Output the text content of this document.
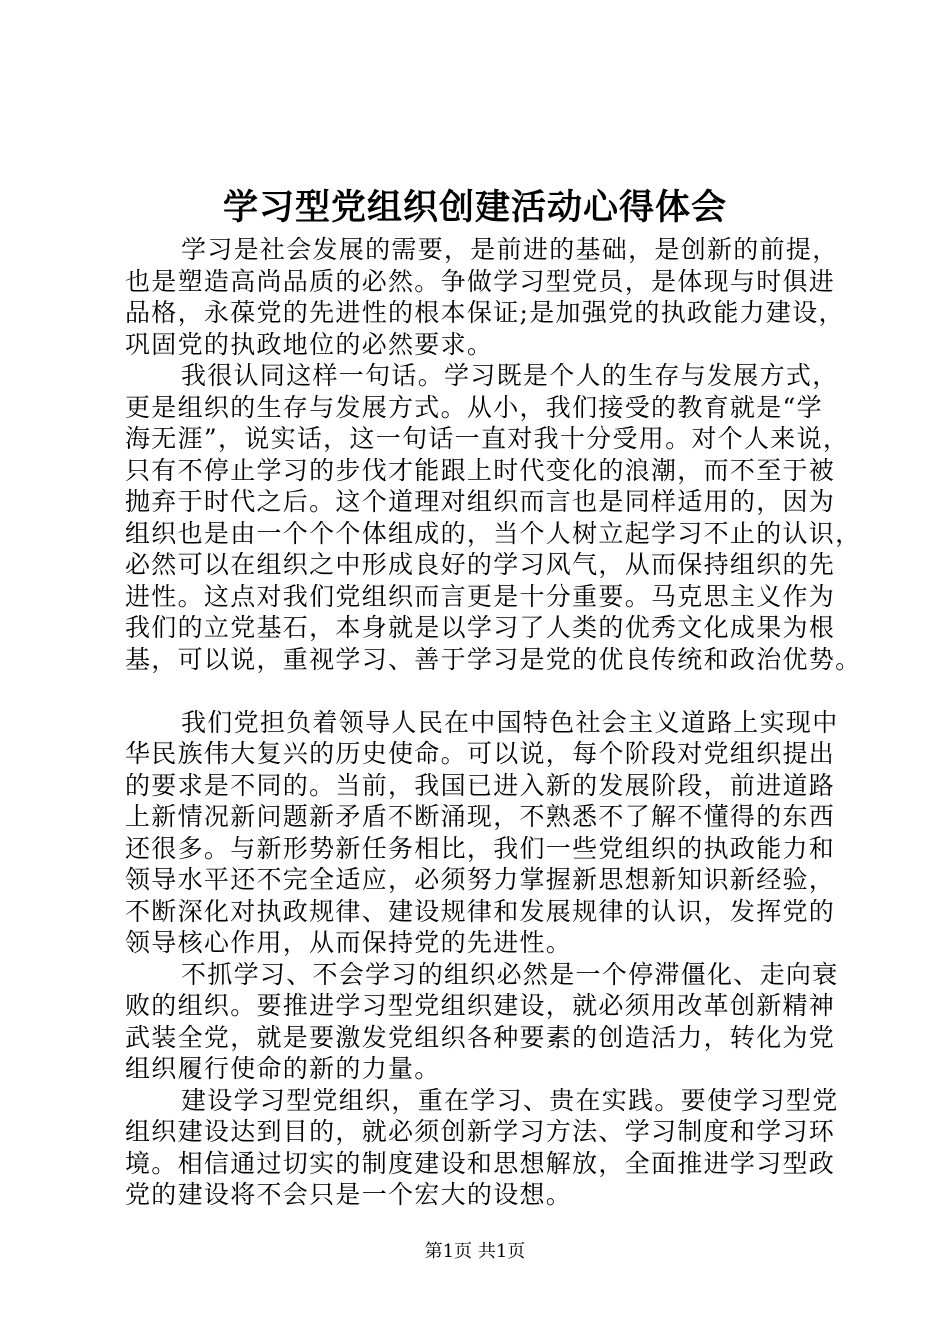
学习型党组织创建活动心得体会
学习是社会发展的需要，是前进的基础，是创新的前提，
也是塑造高尚品质的必然。争做学习型党员，是体现与时俱进
品格，永葆党的先进性的根本保证;是加强党的执政能力建设，
巩固党的执政地位的必然要求。
我很认同这样一句话。学习既是个人的生存与发展方式，
更是组织的生存与发展方式。从小，我们接受的教育就是“学
海无涯”，说实话，这一句话一直对我十分受用。对个人来说，
只有不停止学习的步伐才能跟上时代变化的浪潮，而不至于被
抛弃于时代之后。这个道理对组织而言也是同样适用的，因为
组织也是由一个个个体组成的，当个人树立起学习不止的认识，
必然可以在组织之中形成良好的学习风气，从而保持组织的先
进性。这点对我们党组织而言更是十分重要。马克思主义作为
我们的立党基石，本身就是以学习了人类的优秀文化成果为根
基，可以说，重视学习、善于学习是党的优良传统和政治优势。
我们党担负着领导人民在中国特色社会主义道路上实现中
华民族伟大复兴的历史使命。可以说，每个阶段对党组织提出
的要求是不同的。当前，我国已进入新的发展阶段，前进道路
上新情况新问题新矛盾不断涌现，不熟悉不了解不懂得的东西
还很多。与新形势新任务相比，我们一些党组织的执政能力和
领导水平还不完全适应，必须努力掌握新思想新知识新经验，
不断深化对执政规律、建设规律和发展规律的认识，发挥党的
领导核心作用，从而保持党的先进性。
不抓学习、不会学习的组织必然是一个停滞僵化、走向衰
败的组织。要推进学习型党组织建设，就必须用改革创新精神
武装全党，就是要激发党组织各种要素的创造活力，转化为党
组织履行使命的新的力量。
建设学习型党组织，重在学习、贵在实践。要使学习型党
组织建设达到目的，就必须创新学习方法、学习制度和学习环
境。相信通过切实的制度建设和思想解放，全面推进学习型政
党的建设将不会只是一个宏大的设想。
第1页 共1页
